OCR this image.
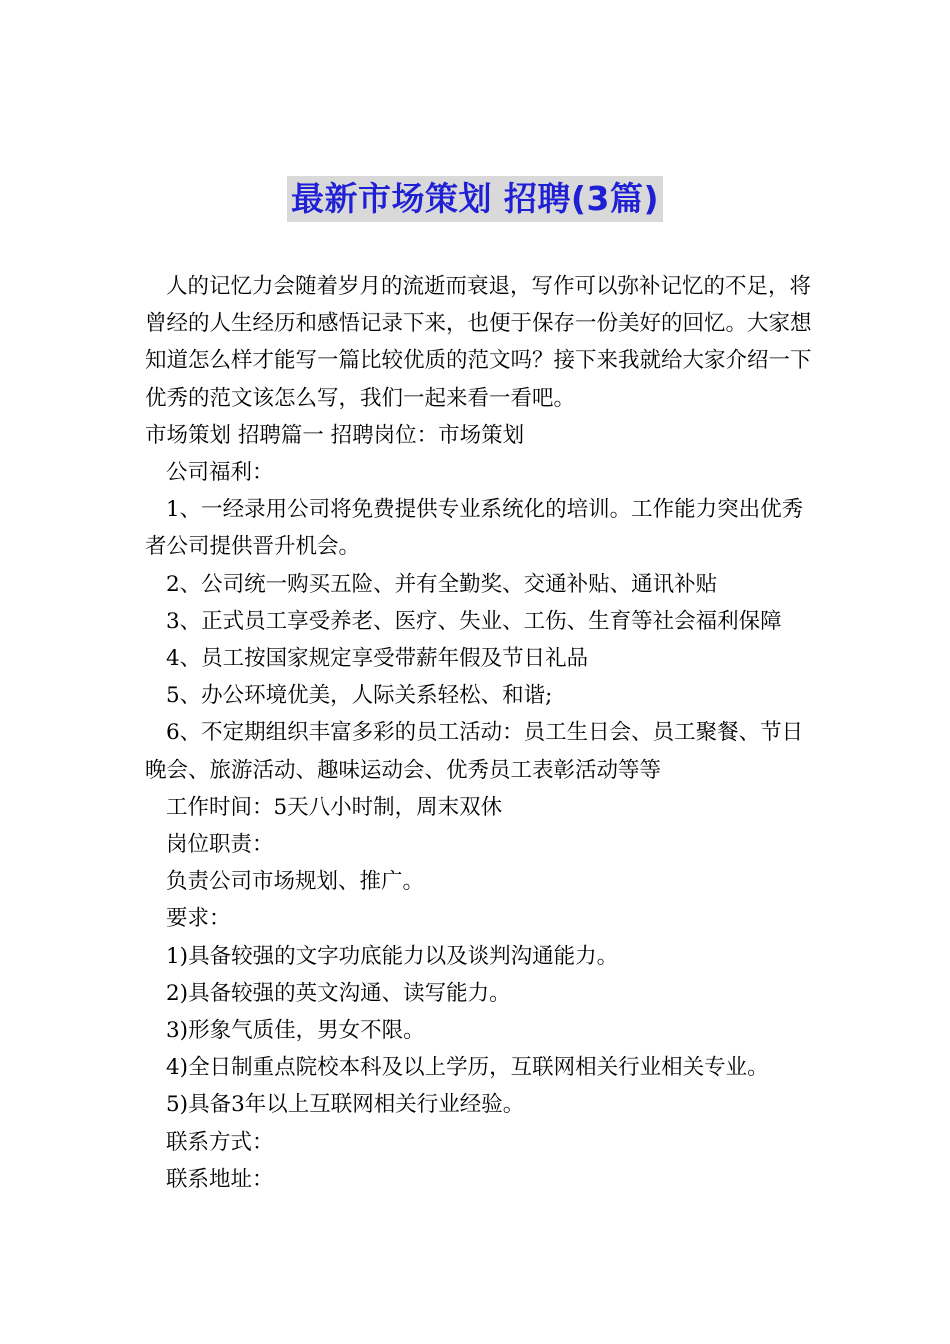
最新市场策划 招聘(3篇)

人的记忆力会随着岁月的流逝而衰退，写作可以弥补记忆的不足，将曾经的人生经历和感悟记录下来，也便于保存一份美好的回忆。大家想知道怎么样才能写一篇比较优质的范文吗？接下来我就给大家介绍一下优秀的范文该怎么写，我们一起来看一看吧。

市场策划 招聘篇一 招聘岗位：市场策划

公司福利：

1、一经录用公司将免费提供专业系统化的培训。工作能力突出优秀者公司提供晋升机会。

2、公司统一购买五险、并有全勤奖、交通补贴、通讯补贴

3、正式员工享受养老、医疗、失业、工伤、生育等社会福利保障

4、员工按国家规定享受带薪年假及节日礼品

5、办公环境优美，人际关系轻松、和谐;

6、不定期组织丰富多彩的员工活动：员工生日会、员工聚餐、节日晚会、旅游活动、趣味运动会、优秀员工表彰活动等等

工作时间：5天八小时制，周末双休

岗位职责：

负责公司市场规划、推广。

要求：

1)具备较强的文字功底能力以及谈判沟通能力。

2)具备较强的英文沟通、读写能力。

3)形象气质佳，男女不限。

4)全日制重点院校本科及以上学历，互联网相关行业相关专业。

5)具备3年以上互联网相关行业经验。

联系方式：

联系地址：
